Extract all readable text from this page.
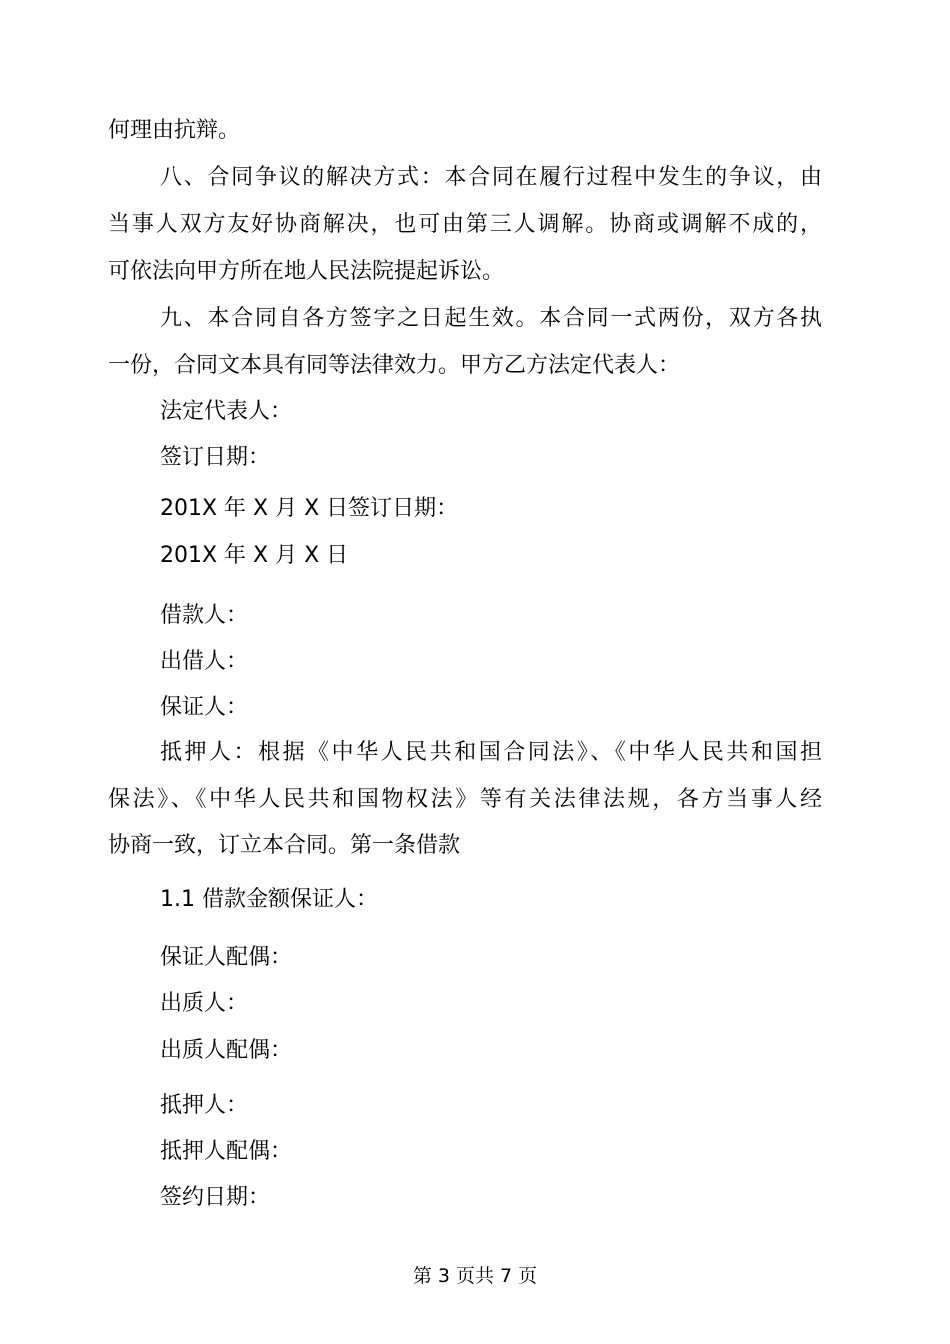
何理由抗辩。
八、合同争议的解决方式：本合同在履行过程中发生的争议，由
当事人双方友好协商解决，也可由第三人调解。协商或调解不成的，
可依法向甲方所在地人民法院提起诉讼。
九、本合同自各方签字之日起生效。本合同一式两份，双方各执
一份，合同文本具有同等法律效力。甲方乙方法定代表人：
法定代表人：
签订日期：
201X 年 X 月 X 日签订日期：
201X 年 X 月 X 日
借款人：
出借人：
保证人：
抵押人：根据《中华人民共和国合同法》、《中华人民共和国担
保法》、《中华人民共和国物权法》等有关法律法规，各方当事人经
协商一致，订立本合同。第一条借款
1.1 借款金额保证人：
保证人配偶：
出质人：
出质人配偶：
抵押人：
抵押人配偶：
签约日期：
第 3 页共 7 页
